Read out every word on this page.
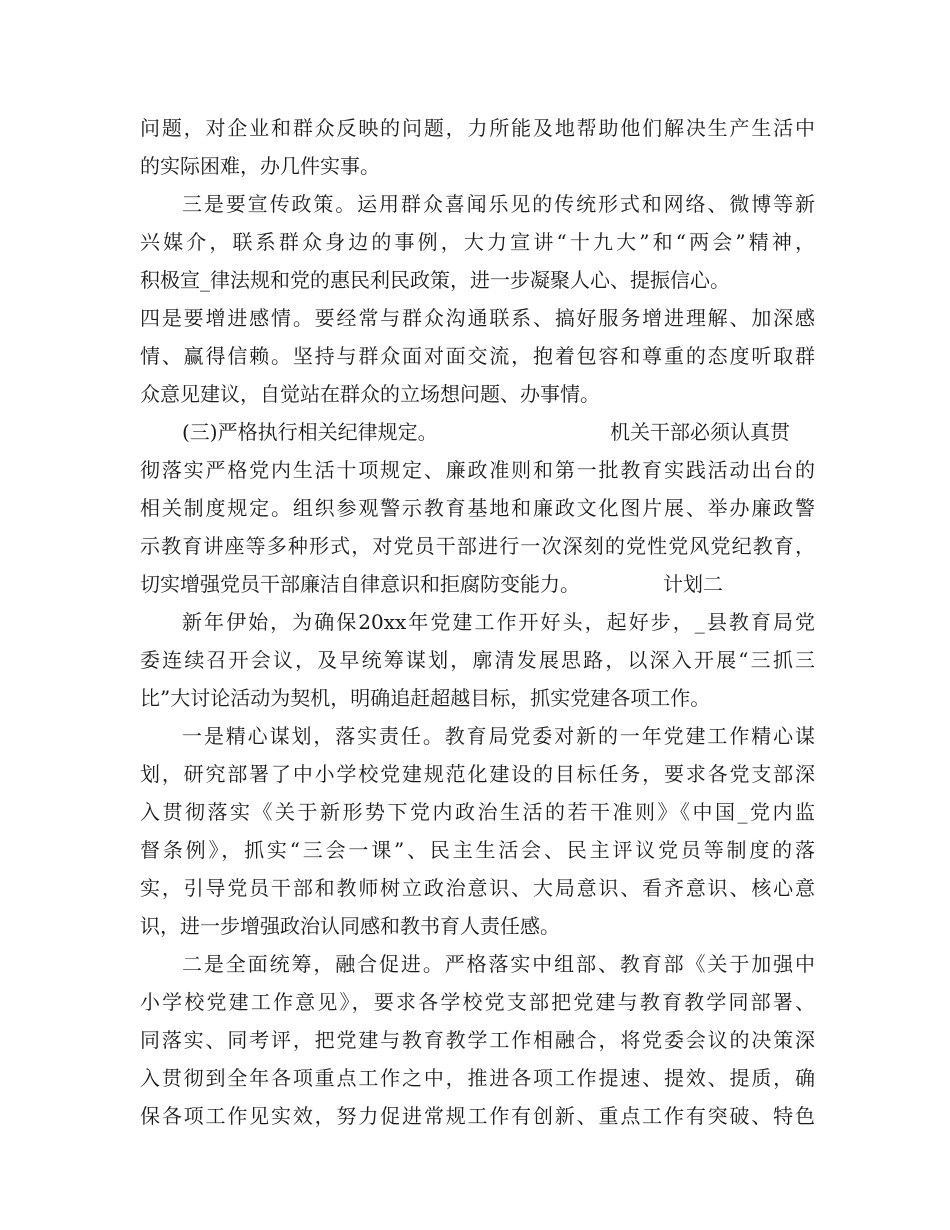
问题，对企业和群众反映的问题，力所能及地帮助他们解决生产生活中
的实际困难，办几件实事。
三是要宣传政策。运用群众喜闻乐见的传统形式和网络、微博等新
兴媒介，联系群众身边的事例，大力宣讲“十九大”和“两会”精神，
积极宣_律法规和党的惠民利民政策，进一步凝聚人心、提振信心。
四是要增进感情。要经常与群众沟通联系、搞好服务增进理解、加深感
情、赢得信赖。坚持与群众面对面交流，抱着包容和尊重的态度听取群
众意见建议，自觉站在群众的立场想问题、办事情。
(三)严格执行相关纪律规定。	机关干部必须认真贯
彻落实严格党内生活十项规定、廉政准则和第一批教育实践活动出台的
相关制度规定。组织参观警示教育基地和廉政文化图片展、举办廉政警
示教育讲座等多种形式，对党员干部进行一次深刻的党性党风党纪教育，
切实增强党员干部廉洁自律意识和拒腐防变能力。	计划二
新年伊始，为确保20xx年党建工作开好头，起好步，_县教育局党
委连续召开会议，及早统筹谋划，廓清发展思路，以深入开展“三抓三
比”大讨论活动为契机，明确追赶超越目标，抓实党建各项工作。
一是精心谋划，落实责任。教育局党委对新的一年党建工作精心谋
划，研究部署了中小学校党建规范化建设的目标任务，要求各党支部深
入贯彻落实《关于新形势下党内政治生活的若干准则》《中国_党内监
督条例》，抓实“三会一课”、民主生活会、民主评议党员等制度的落
实，引导党员干部和教师树立政治意识、大局意识、看齐意识、核心意
识，进一步增强政治认同感和教书育人责任感。
二是全面统筹，融合促进。严格落实中组部、教育部《关于加强中
小学校党建工作意见》，要求各学校党支部把党建与教育教学同部署、
同落实、同考评，把党建与教育教学工作相融合，将党委会议的决策深
入贯彻到全年各项重点工作之中，推进各项工作提速、提效、提质，确
保各项工作见实效，努力促进常规工作有创新、重点工作有突破、特色
